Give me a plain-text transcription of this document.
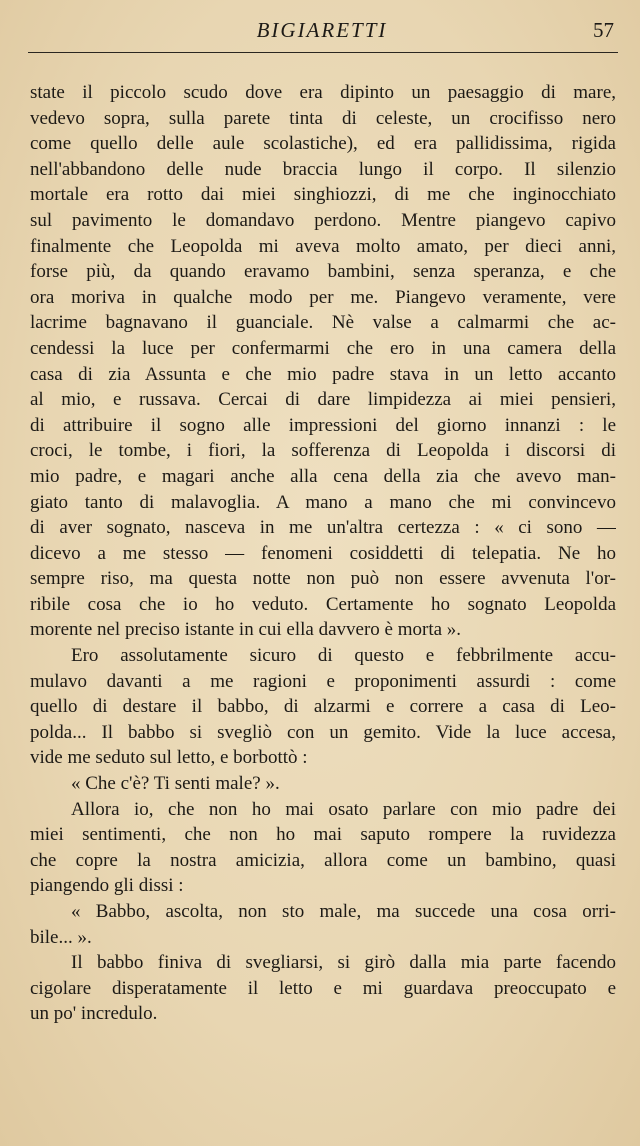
BIGIARETTI	57
state il piccolo scudo dove era dipinto un paesaggio di mare,
vedevo sopra, sulla parete tinta di celeste, un crocifisso nero
come quello delle aule scolastiche), ed era pallidissima, rigida
nell'abbandono delle nude braccia lungo il corpo. Il silenzio
mortale era rotto dai miei singhiozzi, di me che inginocchiato
sul pavimento le domandavo perdono. Mentre piangevo capivo
finalmente che Leopolda mi aveva molto amato, per dieci anni,
forse più, da quando eravamo bambini, senza speranza, e che
ora moriva in qualche modo per me. Piangevo veramente, vere
lacrime bagnavano il guanciale. Nè valse a calmarmi che ac-
cendessi la luce per confermarmi che ero in una camera della
casa di zia Assunta e che mio padre stava in un letto accanto
al mio, e russava. Cercai di dare limpidezza ai miei pensieri,
di attribuire il sogno alle impressioni del giorno innanzi : le
croci, le tombe, i fiori, la sofferenza di Leopolda i discorsi di
mio padre, e magari anche alla cena della zia che avevo man-
giato tanto di malavoglia. A mano a mano che mi convincevo
di aver sognato, nasceva in me un'altra certezza : « ci sono —
dicevo a me stesso — fenomeni cosiddetti di telepatia. Ne ho
sempre riso, ma questa notte non può non essere avvenuta l'or-
ribile cosa che io ho veduto. Certamente ho sognato Leopolda
morente nel preciso istante in cui ella davvero è morta ».
Ero assolutamente sicuro di questo e febbrilmente accu-
mulavo davanti a me ragioni e proponimenti assurdi : come
quello di destare il babbo, di alzarmi e correre a casa di Leo-
polda... Il babbo si svegliò con un gemito. Vide la luce accesa,
vide me seduto sul letto, e borbottò :
« Che c'è? Ti senti male? ».
Allora io, che non ho mai osato parlare con mio padre dei
miei sentimenti, che non ho mai saputo rompere la ruvidezza
che copre la nostra amicizia, allora come un bambino, quasi
piangendo gli dissi :
« Babbo, ascolta, non sto male, ma succede una cosa orri-
bile... ».
Il babbo finiva di svegliarsi, si girò dalla mia parte facendo
cigolare disperatamente il letto e mi guardava preoccupato e
un po' incredulo.
